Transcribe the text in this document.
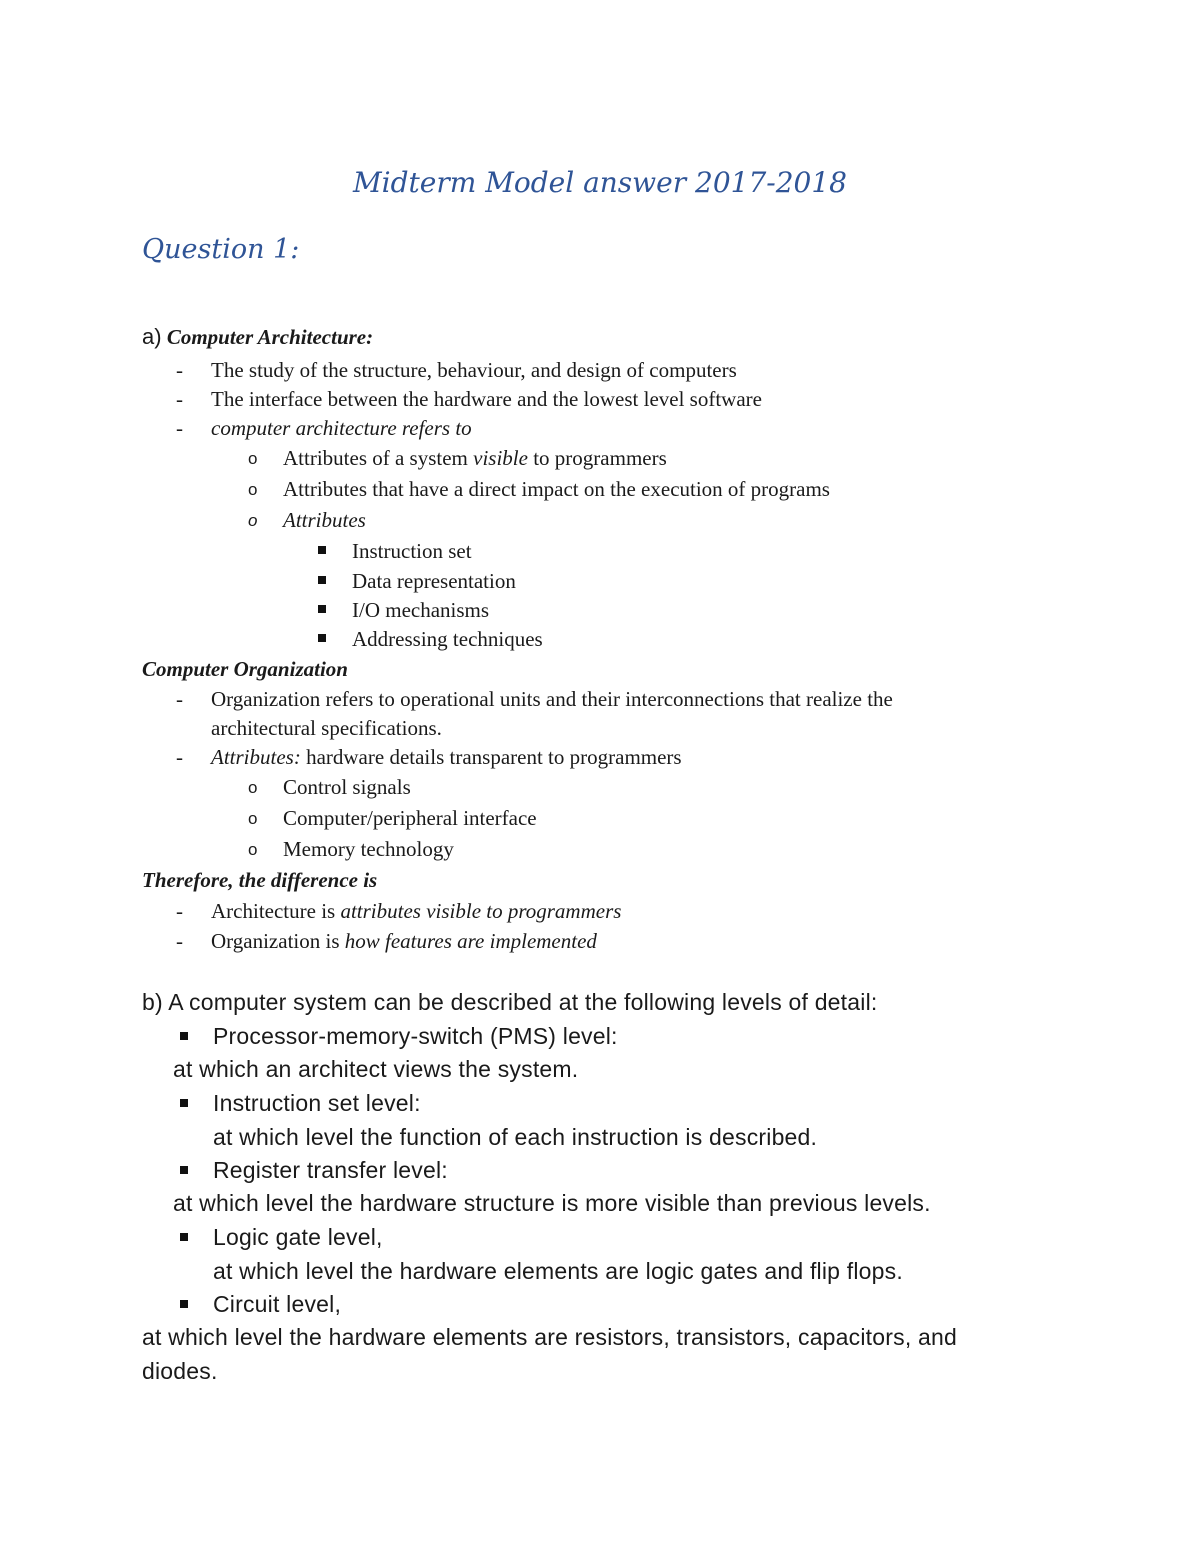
Midterm Model answer 2017-2018
Question 1:
a) Computer Architecture:
- The study of the structure, behaviour, and design of computers
- The interface between the hardware and the lowest level software
- computer architecture refers to
o Attributes of a system visible to programmers
o Attributes that have a direct impact on the execution of programs
o Attributes
Instruction set
Data representation
I/O mechanisms
Addressing techniques
Computer Organization
- Organization refers to operational units and their interconnections that realize the
architectural specifications.
- Attributes: hardware details transparent to programmers
o Control signals
o Computer/peripheral interface
o Memory technology
Therefore, the difference is
- Architecture is attributes visible to programmers
- Organization is how features are implemented
b) A computer system can be described at the following levels of detail:
Processor-memory-switch (PMS) level:
at which an architect views the system.
Instruction set level:
at which level the function of each instruction is described.
Register transfer level:
at which level the hardware structure is more visible than previous levels.
Logic gate level,
at which level the hardware elements are logic gates and flip flops.
Circuit level,
at which level the hardware elements are resistors, transistors, capacitors, and
diodes.
